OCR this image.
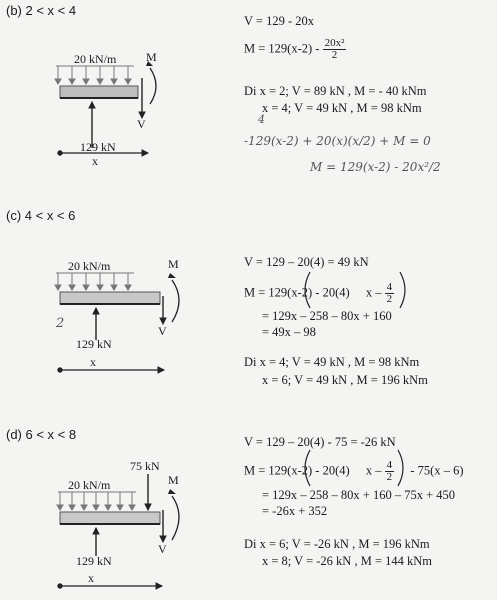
(b) 2 < x < 4
20 kN/m M
V
129 kN
x
V = 129 - 20x
$M = 129(x-2) - \frac{\text{20x²}}{2}$
Di x = 2; V = 89 kN , M = - 40 kNm
x = 4; V = 49 kN , M = 98 kNm
4
-129(x-2) + 20(x)(x/2) + M = 0
M = 129(x-2) - 20x²/2
(c) 4 < x < 6
20 kN/m	M
V
129 kN
x
2
V = 129 – 20(4) = 49 kN
M = 129(x-2) - 20(4) x – $\frac{4}{2}$
= 129x – 258 – 80x + 160
= 49x – 98
Di x = 4; V = 49 kN , M = 98 kNm
x = 6; V = 49 kN , M = 196 kNm
(d) 6 < x < 8
75 kN
20 kN/m	M
V
129 kN
x
V = 129 – 20(4) - 75 = -26 kN
M = 129(x-2) - 20(4) x – $\frac{4}{2} - 75(x - 6)$
= 129x – 258 – 80x + 160 – 75x + 450
= -26x + 352
Di x = 6; V = -26 kN , M = 196 kNm
x = 8; V = -26 kN , M = 144 kNm
